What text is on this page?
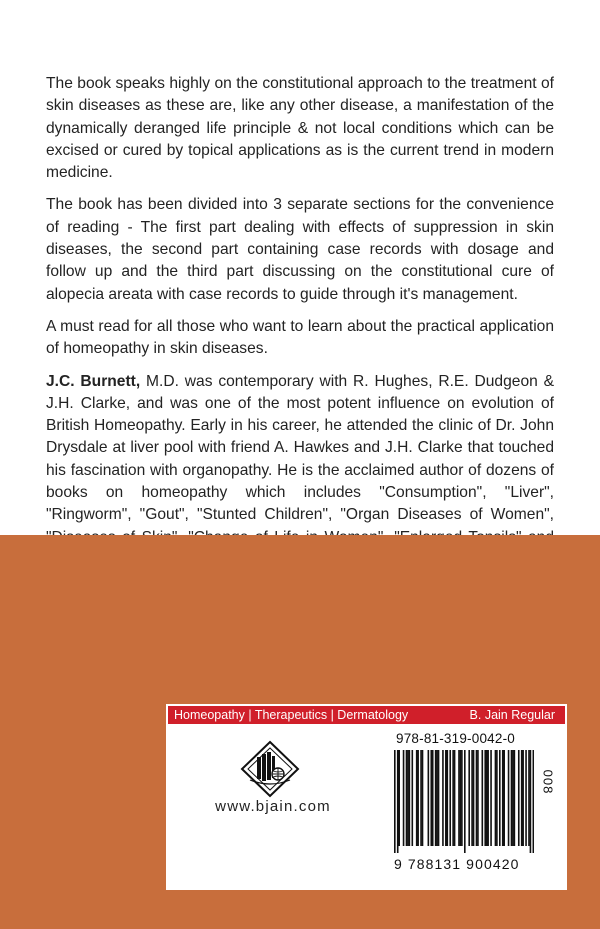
The book speaks highly on the constitutional approach to the treatment of skin diseases as these are, like any other disease, a manifestation of the dynamically deranged life principle & not local conditions which can be excised or cured by topical applications as is the current trend in modern medicine.

The book has been divided into 3 separate sections for the convenience of reading - The first part dealing with effects of suppression in skin diseases, the second part containing case records with dosage and follow up and the third part discussing on the constitutional cure of alopecia areata with case records to guide through it's management.

A must read for all those who want to learn about the practical application of homeopathy in skin diseases.

J.C. Burnett, M.D. was contemporary with R. Hughes, R.E. Dudgeon & J.H. Clarke, and was one of the most potent influence on evolution of British Homeopathy. Early in his career, he attended the clinic of Dr. John Drysdale at liver pool with friend A. Hawkes and J.H. Clarke that touched his fascination with organopathy. He is the acclaimed author of dozens of books on homeopathy which includes "Consumption", "Liver", "Ringworm", "Gout", "Stunted Children", "Organ Diseases of Women",

Homeopathy | Therapeutics | Dermatology	B. Jain Regular
www.bjain.com
978-81-319-0042-0
008
9 788131 900420
